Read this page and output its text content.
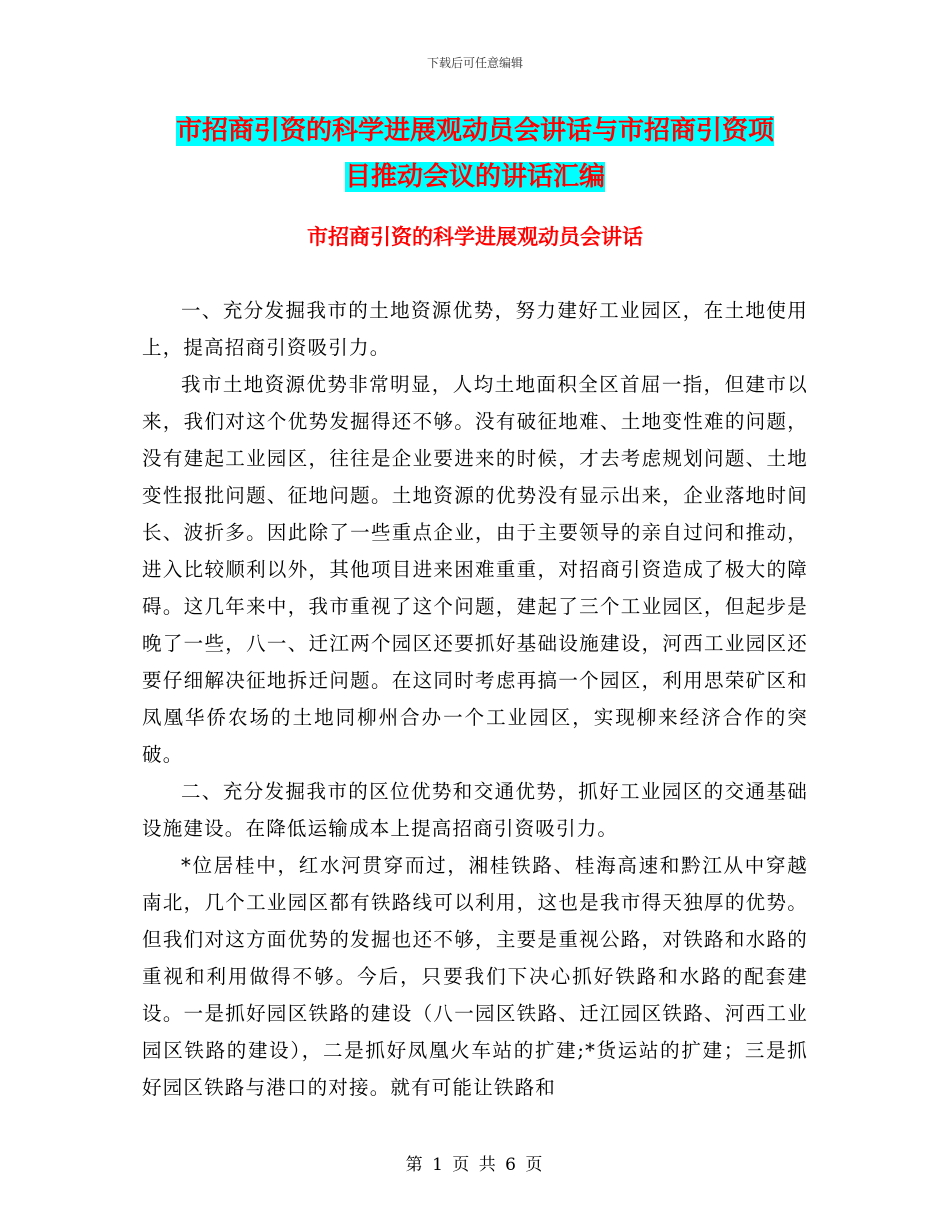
下载后可任意编辑
市招商引资的科学进展观动员会讲话与市招商引资项
目推动会议的讲话汇编
市招商引资的科学进展观动员会讲话

一、充分发掘我市的土地资源优势，努力建好工业园区，在土地使用上，提高招商引资吸引力。

我市土地资源优势非常明显，人均土地面积全区首屈一指，但建市以来，我们对这个优势发掘得还不够。没有破征地难、土地变性难的问题，没有建起工业园区，往往是企业要进来的时候，才去考虑规划问题、土地变性报批问题、征地问题。土地资源的优势没有显示出来，企业落地时间长、波折多。因此除了一些重点企业，由于主要领导的亲自过问和推动，进入比较顺利以外，其他项目进来困难重重，对招商引资造成了极大的障碍。这几年来中，我市重视了这个问题，建起了三个工业园区，但起步是晚了一些，八一、迁江两个园区还要抓好基础设施建设，河西工业园区还要仔细解决征地拆迁问题。在这同时考虑再搞一个园区，利用思荣矿区和凤凰华侨农场的土地同柳州合办一个工业园区，实现柳来经济合作的突破。

二、充分发掘我市的区位优势和交通优势，抓好工业园区的交通基础设施建设。在降低运输成本上提高招商引资吸引力。

*位居桂中，红水河贯穿而过，湘桂铁路、桂海高速和黔江从中穿越南北，几个工业园区都有铁路线可以利用，这也是我市得天独厚的优势。但我们对这方面优势的发掘也还不够，主要是重视公路，对铁路和水路的重视和利用做得不够。今后，只要我们下决心抓好铁路和水路的配套建设。一是抓好园区铁路的建设（八一园区铁路、迁江园区铁路、河西工业园区铁路的建设），二是抓好凤凰火车站的扩建;*货运站的扩建；三是抓好园区铁路与港口的对接。就有可能让铁路和

第 1 页 共 6 页
